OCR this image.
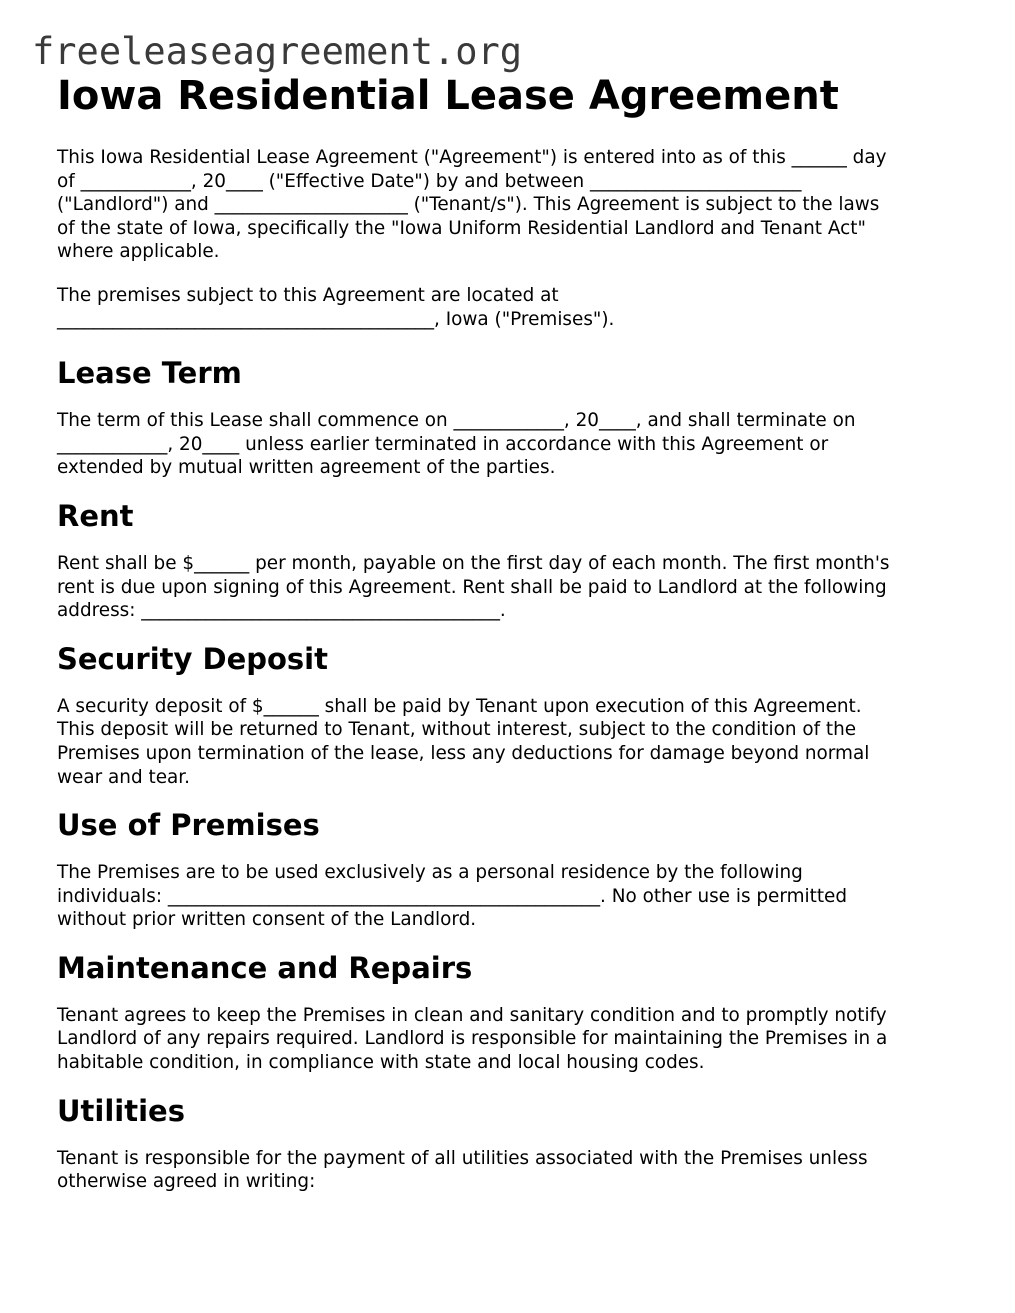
freeleaseagreement.org
Iowa Residential Lease Agreement

This Iowa Residential Lease Agreement ("Agreement") is entered into as of this ______ day
of ____________, 20____ ("Effective Date") by and between _______________________
("Landlord") and _____________________ ("Tenant/s"). This Agreement is subject to the laws
of the state of Iowa, specifically the "Iowa Uniform Residential Landlord and Tenant Act"
where applicable.

The premises subject to this Agreement are located at
_________________________________________, Iowa ("Premises").

Lease Term

The term of this Lease shall commence on ____________, 20____, and shall terminate on
____________, 20____ unless earlier terminated in accordance with this Agreement or
extended by mutual written agreement of the parties.

Rent

Rent shall be $______ per month, payable on the first day of each month. The first month's
rent is due upon signing of this Agreement. Rent shall be paid to Landlord at the following
address: _______________________________________.

Security Deposit

A security deposit of $______ shall be paid by Tenant upon execution of this Agreement.
This deposit will be returned to Tenant, without interest, subject to the condition of the
Premises upon termination of the lease, less any deductions for damage beyond normal
wear and tear.

Use of Premises

The Premises are to be used exclusively as a personal residence by the following
individuals: _______________________________________________. No other use is permitted
without prior written consent of the Landlord.

Maintenance and Repairs

Tenant agrees to keep the Premises in clean and sanitary condition and to promptly notify
Landlord of any repairs required. Landlord is responsible for maintaining the Premises in a
habitable condition, in compliance with state and local housing codes.

Utilities

Tenant is responsible for the payment of all utilities associated with the Premises unless
otherwise agreed in writing:
